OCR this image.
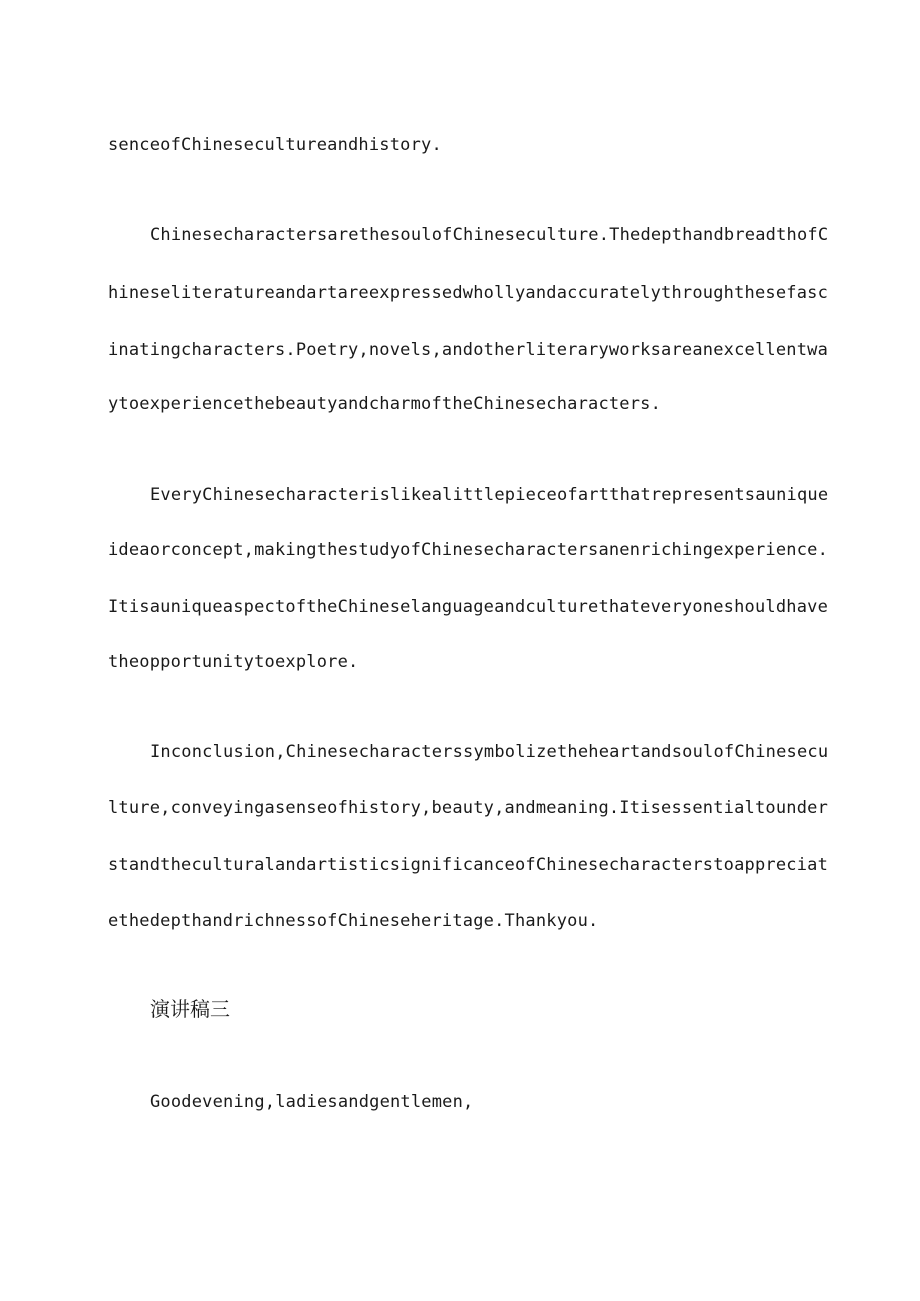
senceofChinesecultureandhistory.
ChinesecharactersarethesoulofChineseculture.ThedepthandbreadthofC
hineseliteratureandartareexpressedwhollyandaccuratelythroughthesefasc
inatingcharacters.Poetry,novels,andotherliteraryworksareanexcellentwa
ytoexperiencethebeautyandcharmoftheChinesecharacters.
EveryChinesecharacterislikealittlepieceofartthatrepresentsaunique
ideaorconcept,makingthestudyofChinesecharactersanenrichingexperience.
ItisauniqueaspectoftheChineselanguageandculturethateveryoneshouldhave
theopportunitytoexplore.
Inconclusion,ChinesecharacterssymbolizetheheartandsoulofChinesecu
lture,conveyingasenseofhistory,beauty,andmeaning.Itisessentialtounder
standtheculturalandartisticsignificanceofChinesecharacterstoappreciat
ethedepthandrichnessofChineseheritage.Thankyou.
演讲稿三
Goodevening,ladiesandgentlemen,
